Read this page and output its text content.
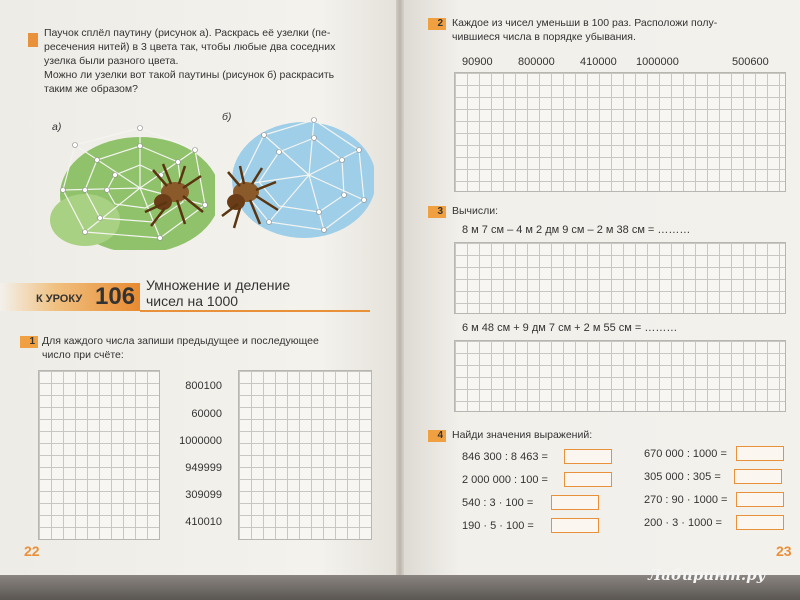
Паучок сплёл паутину (рисунок а). Раскрась её узелки (пе-
ресечения нитей) в 3 цвета так, чтобы любые два соседних
узелка были разного цвета.
Можно ли узелки вот такой паутины (рисунок б) раскрасить
таким же образом?
а)
б)
К УРОКУ 106 Умножение и деление
чисел на 1000
1 Для каждого числа запиши предыдущее и последующее
число при счёте:
800100
60000
1000000
949999
309099
410010
22
2 Каждое из чисел уменьши в 100 раз. Расположи полу-
чившиеся числа в порядке убывания.
90900 800000 410000 1000000	500600
3 Вычисли:
8 м 7 см – 4 м 2 дм 9 см – 2 м 38 см = ………
6 м 48 см + 9 дм 7 см + 2 м 55 см = ………
4 Найди значения выражений:
846 300 : 8 463 =
2 000 000 : 100 =
540 : 3 · 100 =
190 · 5 · 100 =
670 000 : 1000 =
305 000 : 305 =
270 : 90 · 1000 =
200 · 3 · 1000 =
23
Лабиринт.ру
